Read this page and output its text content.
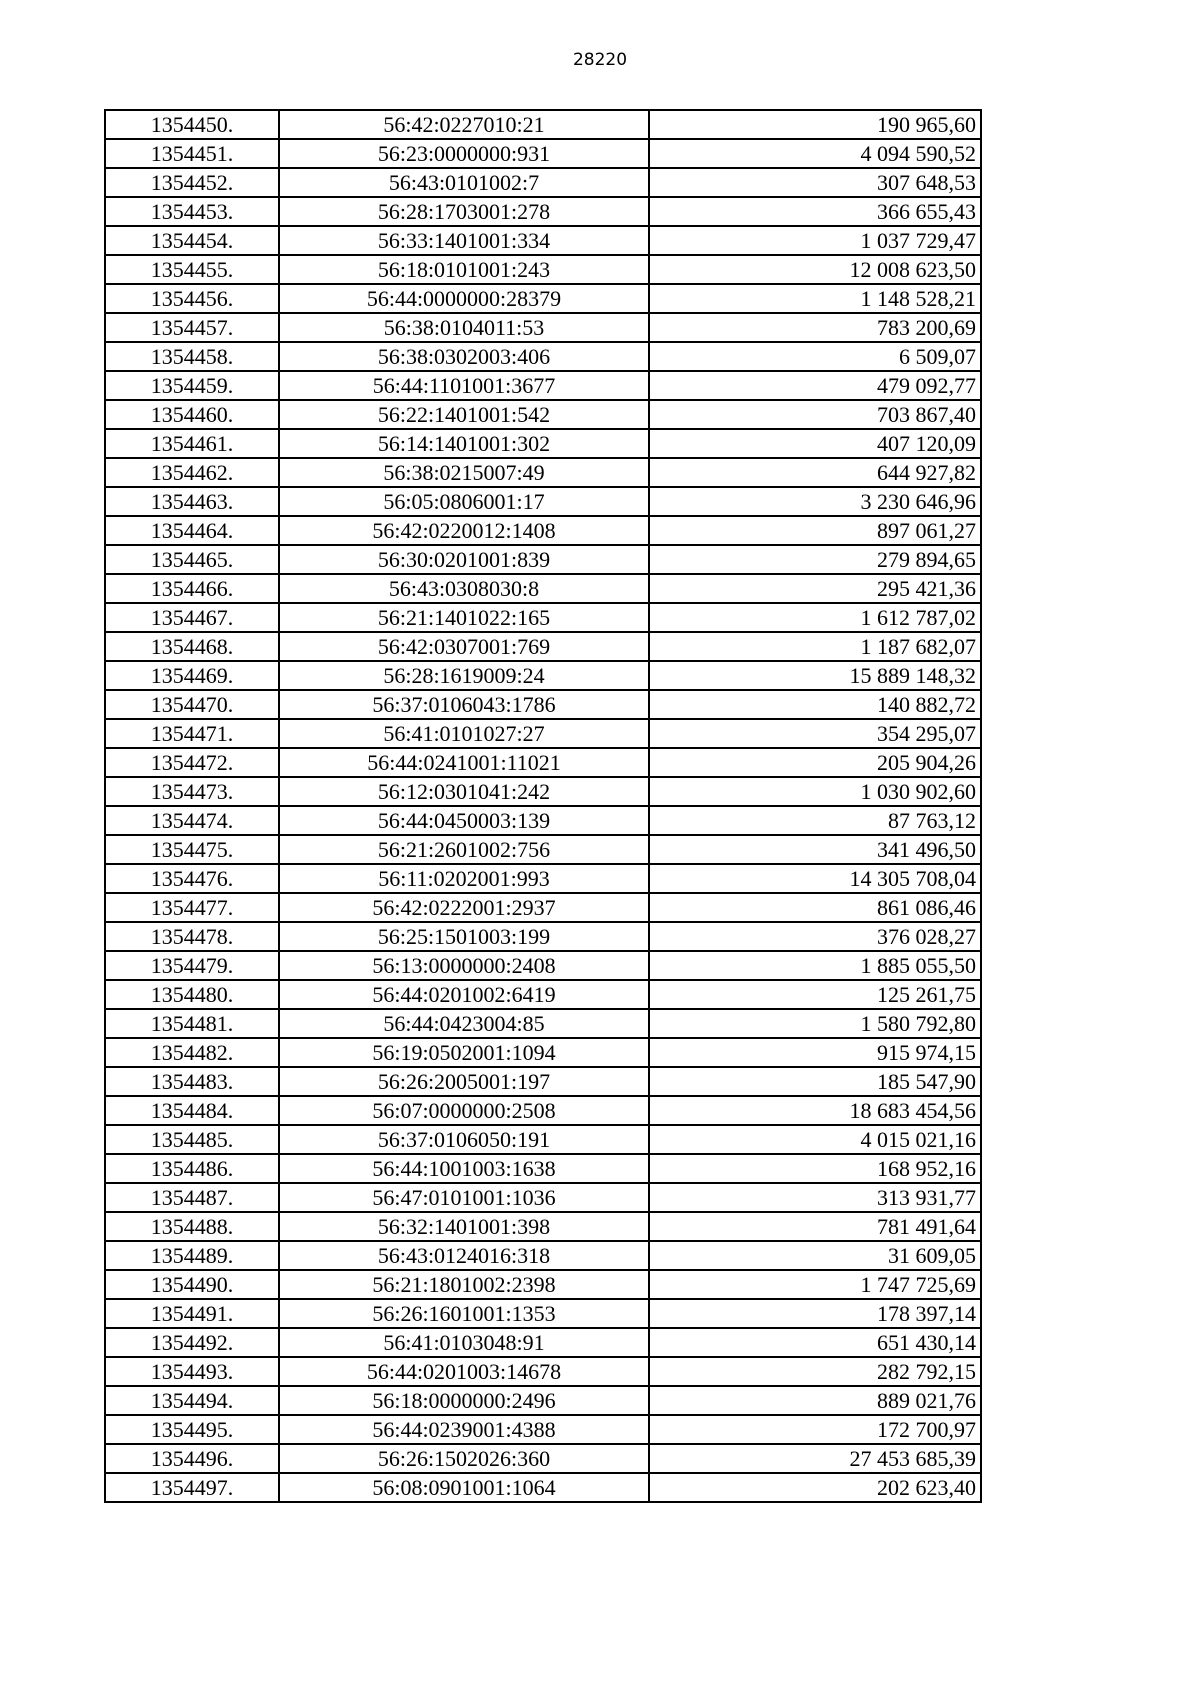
28220
1354450.	56:42:0227010:21	190 965,60
1354451.	56:23:0000000:931	4 094 590,52
1354452.	56:43:0101002:7	307 648,53
1354453.	56:28:1703001:278	366 655,43
1354454.	56:33:1401001:334	1 037 729,47
1354455.	56:18:0101001:243	12 008 623,50
1354456.	56:44:0000000:28379	1 148 528,21
1354457.	56:38:0104011:53	783 200,69
1354458.	56:38:0302003:406	6 509,07
1354459.	56:44:1101001:3677	479 092,77
1354460.	56:22:1401001:542	703 867,40
1354461.	56:14:1401001:302	407 120,09
1354462.	56:38:0215007:49	644 927,82
1354463.	56:05:0806001:17	3 230 646,96
1354464.	56:42:0220012:1408	897 061,27
1354465.	56:30:0201001:839	279 894,65
1354466.	56:43:0308030:8	295 421,36
1354467.	56:21:1401022:165	1 612 787,02
1354468.	56:42:0307001:769	1 187 682,07
1354469.	56:28:1619009:24	15 889 148,32
1354470.	56:37:0106043:1786	140 882,72
1354471.	56:41:0101027:27	354 295,07
1354472.	56:44:0241001:11021	205 904,26
1354473.	56:12:0301041:242	1 030 902,60
1354474.	56:44:0450003:139	87 763,12
1354475.	56:21:2601002:756	341 496,50
1354476.	56:11:0202001:993	14 305 708,04
1354477.	56:42:0222001:2937	861 086,46
1354478.	56:25:1501003:199	376 028,27
1354479.	56:13:0000000:2408	1 885 055,50
1354480.	56:44:0201002:6419	125 261,75
1354481.	56:44:0423004:85	1 580 792,80
1354482.	56:19:0502001:1094	915 974,15
1354483.	56:26:2005001:197	185 547,90
1354484.	56:07:0000000:2508	18 683 454,56
1354485.	56:37:0106050:191	4 015 021,16
1354486.	56:44:1001003:1638	168 952,16
1354487.	56:47:0101001:1036	313 931,77
1354488.	56:32:1401001:398	781 491,64
1354489.	56:43:0124016:318	31 609,05
1354490.	56:21:1801002:2398	1 747 725,69
1354491.	56:26:1601001:1353	178 397,14
1354492.	56:41:0103048:91	651 430,14
1354493.	56:44:0201003:14678	282 792,15
1354494.	56:18:0000000:2496	889 021,76
1354495.	56:44:0239001:4388	172 700,97
1354496.	56:26:1502026:360	27 453 685,39
1354497.	56:08:0901001:1064	202 623,40
